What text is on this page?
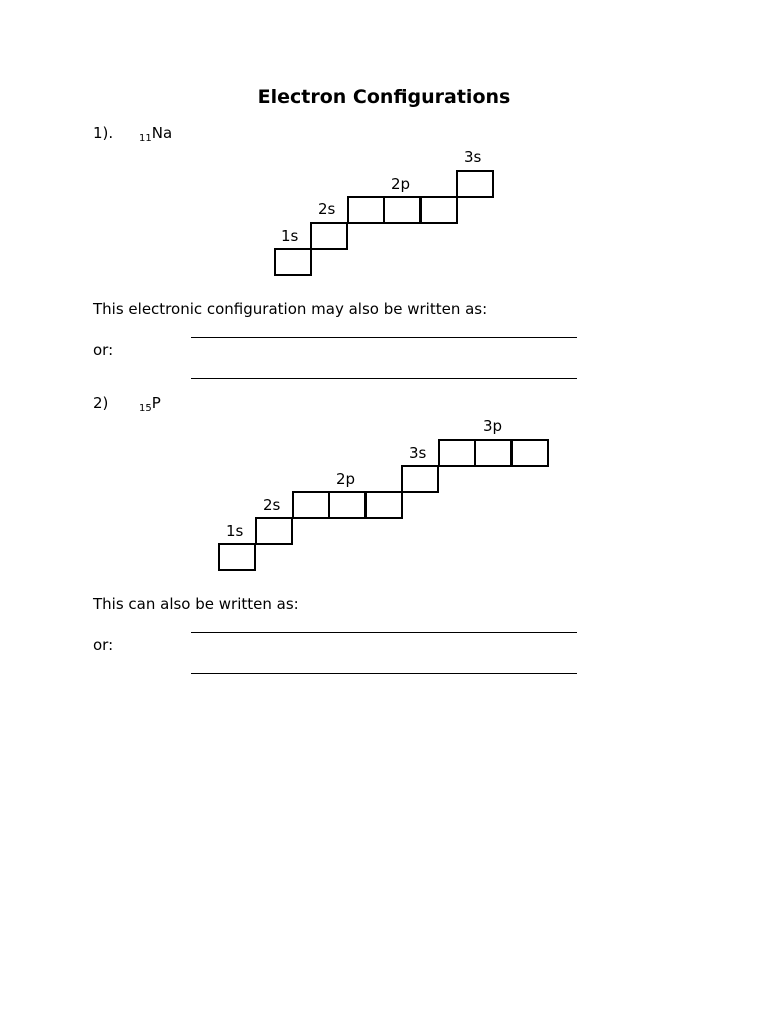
Electron Configurations
1).	$_{11}$Na
1s
2s
2p
3s
This electronic configuration may also be written as:
or:
2)	$_{15}$P
1s
2s
2p
3s
3p
This can also be written as:
or:
